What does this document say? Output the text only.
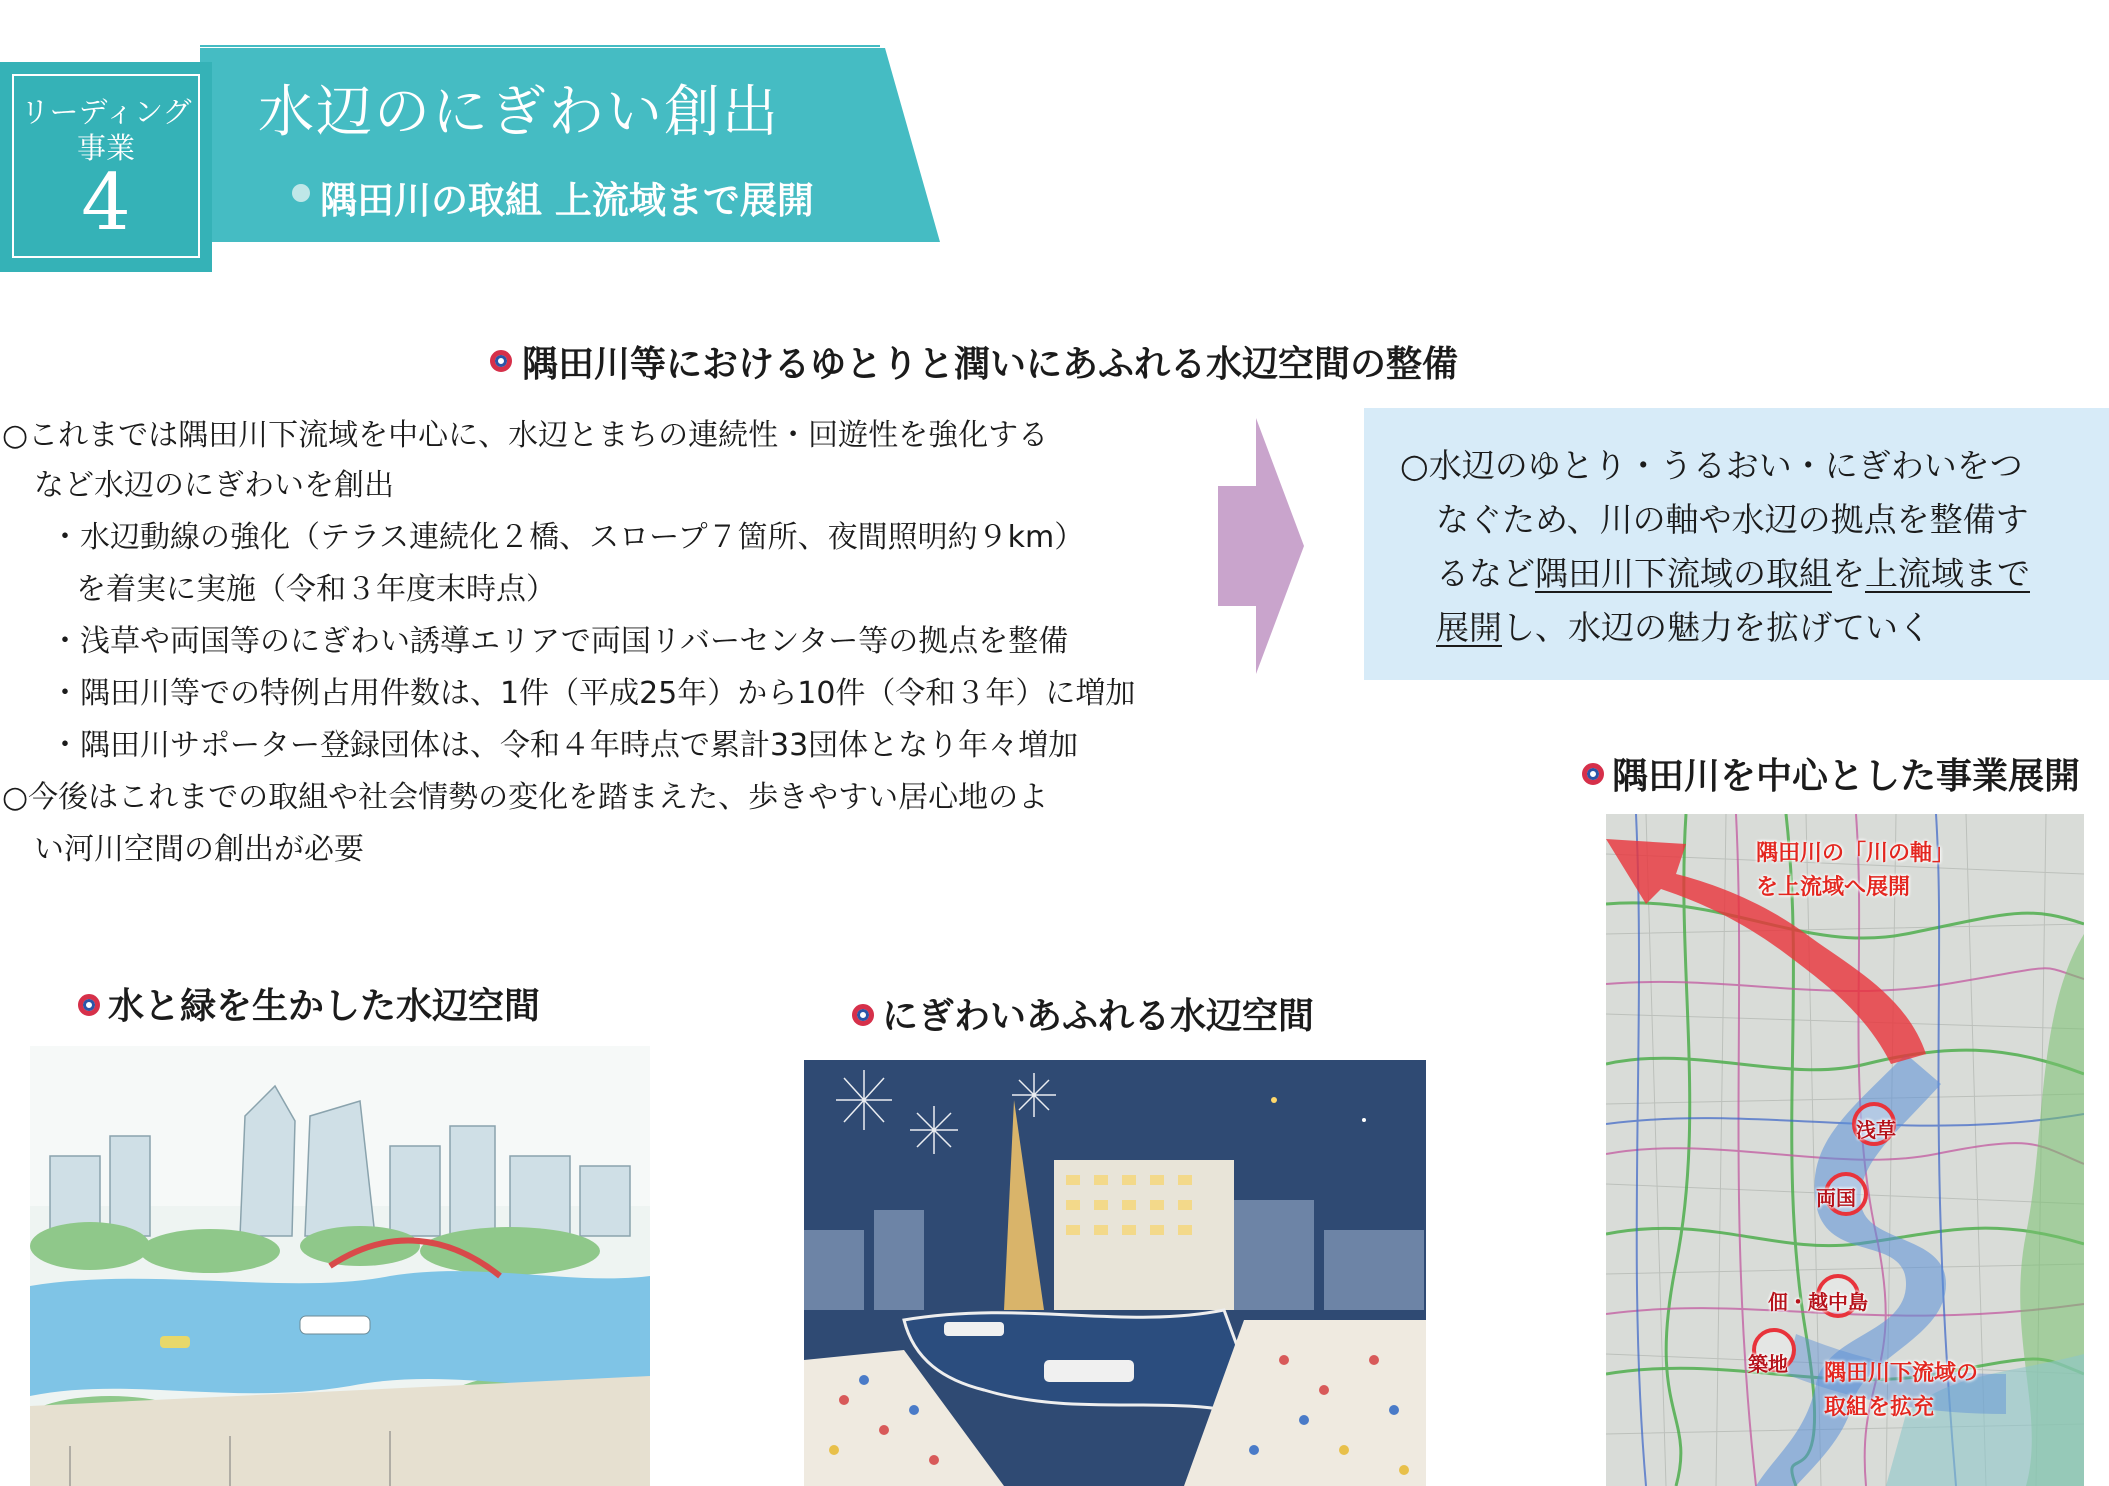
leading project.
リーディング
事業
4
水辺のにぎわい創出
隅田川の取組 上流域まで展開
隅田川等におけるゆとりと潤いにあふれる水辺空間の整備
○これまでは隅田川下流域を中心に、水辺とまちの連続性・回遊性を強化する
など水辺のにぎわいを創出
・水辺動線の強化（テラス連続化２橋、スロープ７箇所、夜間照明約９km）
を着実に実施（令和３年度末時点）
・浅草や両国等のにぎわい誘導エリアで両国リバーセンター等の拠点を整備
・隅田川等での特例占用件数は、1件（平成25年）から10件（令和３年）に増加
・隅田川サポーター登録団体は、令和４年時点で累計33団体となり年々増加
○今後はこれまでの取組や社会情勢の変化を踏まえた、歩きやすい居心地のよ
い河川空間の創出が必要
○水辺のゆとり・うるおい・にぎわいをつ
なぐため、川の軸や水辺の拠点を整備す
るなど隅田川下流域の取組を上流域まで
展開し、水辺の魅力を拡げていく
隅田川を中心とした事業展開
隅田川の「川の軸」
を上流域へ展開
浅草
両国
佃・越中島
築地 隅田川下流域の
取組を拡充
水と緑を生かした水辺空間	にぎわいあふれる水辺空間
